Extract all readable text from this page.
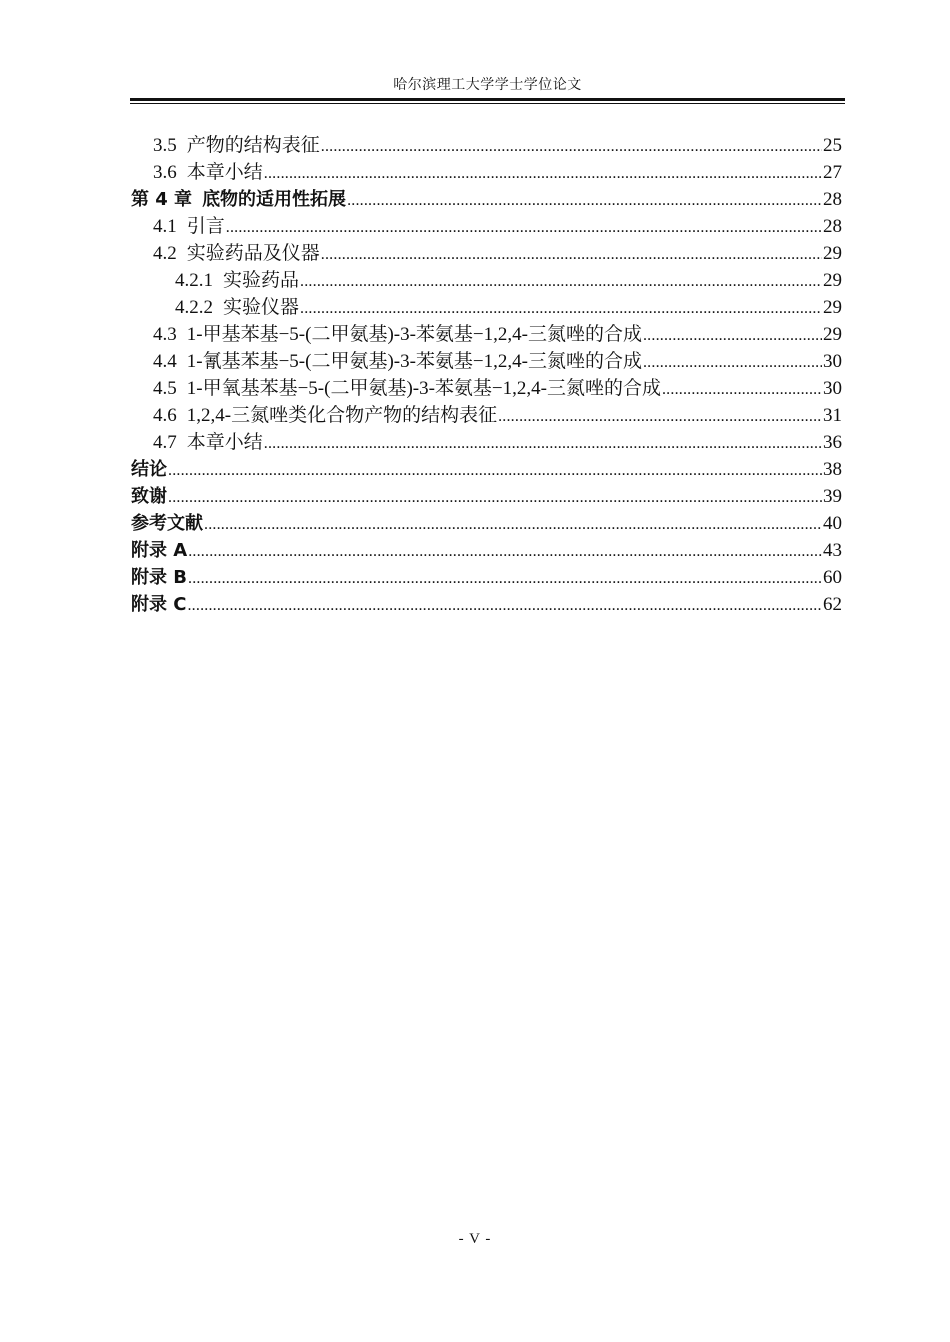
哈尔滨理工大学学士学位论文
3.5 产物的结构表征 .....	25
3.6 本章小结 .....	27
第 4 章 底物的适用性拓展 .....	28
4.1 引言 .....	28
4.2 实验药品及仪器 .....	29
4.2.1 实验药品 .....	29
4.2.2 实验仪器 .....	29
4.3 1-甲基苯基−5-(二甲氨基)-3-苯氨基−1,2,4-三氮唑的合成 .....	29
4.4 1-氰基苯基−5-(二甲氨基)-3-苯氨基−1,2,4-三氮唑的合成 .....	30
4.5 1-甲氧基苯基−5-(二甲氨基)-3-苯氨基−1,2,4-三氮唑的合成 .....	30
4.6 1,2,4-三氮唑类化合物产物的结构表征 .....	31
4.7 本章小结 .....	36
结论 .....	38
致谢 .....	39
参考文献 .....	40
附录 A .....	43
附录 B .....	60
附录 C .....	62
- V -
